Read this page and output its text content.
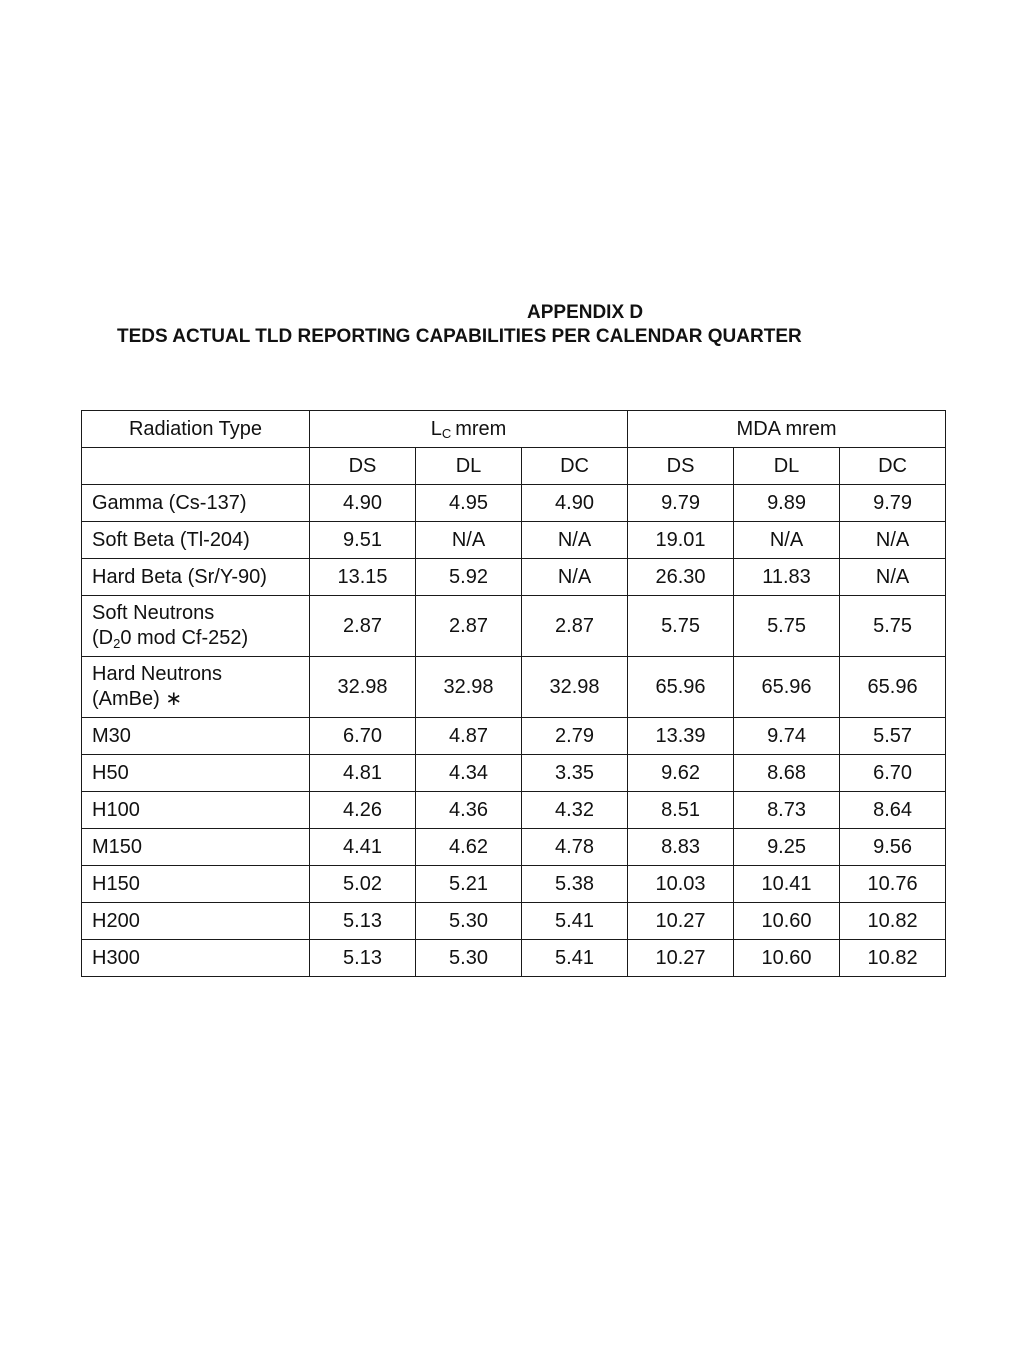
APPENDIX D
TEDS ACTUAL TLD REPORTING CAPABILITIES PER CALENDAR QUARTER
Radiation Type	LC mrem			MDA mrem		
	DS	DL	DC	DS	DL	DC
Gamma (Cs-137)	4.90	4.95	4.90	9.79	9.89	9.79
Soft Beta (Tl-204)	9.51	N/A	N/A	19.01	N/A	N/A
Hard Beta (Sr/Y-90)	13.15	5.92	N/A	26.30	11.83	N/A
Soft Neutrons
($D_20$ mod Cf-252)	2.87	2.87	2.87	5.75	5.75	5.75
Hard Neutrons
(AmBe) ∗	32.98	32.98	32.98	65.96	65.96	65.96
M30	6.70	4.87	2.79	13.39	9.74	5.57
H50	4.81	4.34	3.35	9.62	8.68	6.70
H100	4.26	4.36	4.32	8.51	8.73	8.64
M150	4.41	4.62	4.78	8.83	9.25	9.56
H150	5.02	5.21	5.38	10.03	10.41	10.76
H200	5.13	5.30	5.41	10.27	10.60	10.82
H300	5.13	5.30	5.41	10.27	10.60	10.82
